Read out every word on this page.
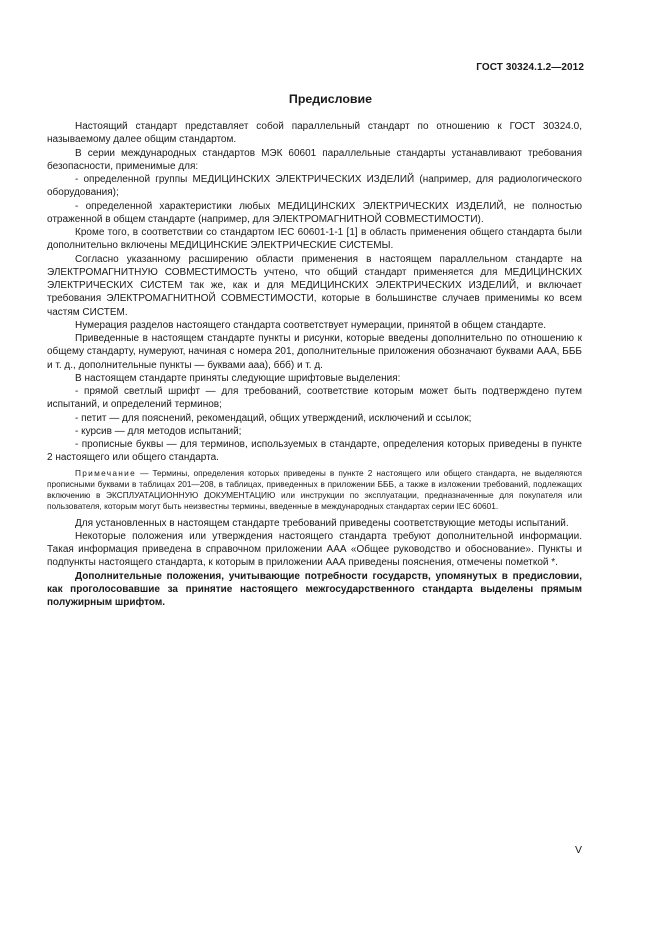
ГОСТ 30324.1.2—2012
Предисловие

Настоящий стандарт представляет собой параллельный стандарт по отношению к ГОСТ 30324.0, называемому далее общим стандартом.

В серии международных стандартов МЭК 60601 параллельные стандарты устанавливают требования безопасности, применимые для:

- определенной группы МЕДИЦИНСКИХ ЭЛЕКТРИЧЕСКИХ ИЗДЕЛИЙ (например, для радиологического оборудования);

- определенной характеристики любых МЕДИЦИНСКИХ ЭЛЕКТРИЧЕСКИХ ИЗДЕЛИЙ, не полностью отраженной в общем стандарте (например, для ЭЛЕКТРОМАГНИТНОЙ СОВМЕСТИМОСТИ).

Кроме того, в соответствии со стандартом IEC 60601-1-1 [1] в область применения общего стандарта были дополнительно включены МЕДИЦИНСКИЕ ЭЛЕКТРИЧЕСКИЕ СИСТЕМЫ.

Согласно указанному расширению области применения в настоящем параллельном стандарте на ЭЛЕКТРОМАГНИТНУЮ СОВМЕСТИМОСТЬ учтено, что общий стандарт применяется для МЕДИЦИНСКИХ ЭЛЕКТРИЧЕСКИХ СИСТЕМ так же, как и для МЕДИЦИНСКИХ ЭЛЕКТРИЧЕСКИХ ИЗДЕЛИЙ, и включает требования ЭЛЕКТРОМАГНИТНОЙ СОВМЕСТИМОСТИ, которые в большинстве случаев применимы ко всем частям СИСТЕМ.

Нумерация разделов настоящего стандарта соответствует нумерации, принятой в общем стандарте.

Приведенные в настоящем стандарте пункты и рисунки, которые введены дополнительно по отношению к общему стандарту, нумеруют, начиная с номера 201, дополнительные приложения обозначают буквами ААА, БББ и т. д., дополнительные пункты — буквами ааа), ббб) и т. д.

В настоящем стандарте приняты следующие шрифтовые выделения:

- прямой светлый шрифт — для требований, соответствие которым может быть подтверждено путем испытаний, и определений терминов;

- петит — для пояснений, рекомендаций, общих утверждений, исключений и ссылок;

- курсив — для методов испытаний;

- прописные буквы — для терминов, используемых в стандарте, определения которых приведены в пункте 2 настоящего или общего стандарта.

Примечание — Термины, определения которых приведены в пункте 2 настоящего или общего стандарта, не выделяются прописными буквами в таблицах 201—208, в таблицах, приведенных в приложении БББ, а также в изложении требований, подлежащих включению в ЭКСПЛУАТАЦИОННУЮ ДОКУМЕНТАЦИЮ или инструкции по эксплуатации, предназначенные для покупателя или пользователя, которым могут быть неизвестны термины, введенные в международных стандартах серии IEC 60601.

Для установленных в настоящем стандарте требований приведены соответствующие методы испытаний.

Некоторые положения или утверждения настоящего стандарта требуют дополнительной информации. Такая информация приведена в справочном приложении ААА «Общее руководство и обоснование». Пункты и подпункты настоящего стандарта, к которым в приложении ААА приведены пояснения, отмечены пометкой *.

Дополнительные положения, учитывающие потребности государств, упомянутых в предисловии, как проголосовавшие за принятие настоящего межгосударственного стандарта выделены прямым полужирным шрифтом.

V
